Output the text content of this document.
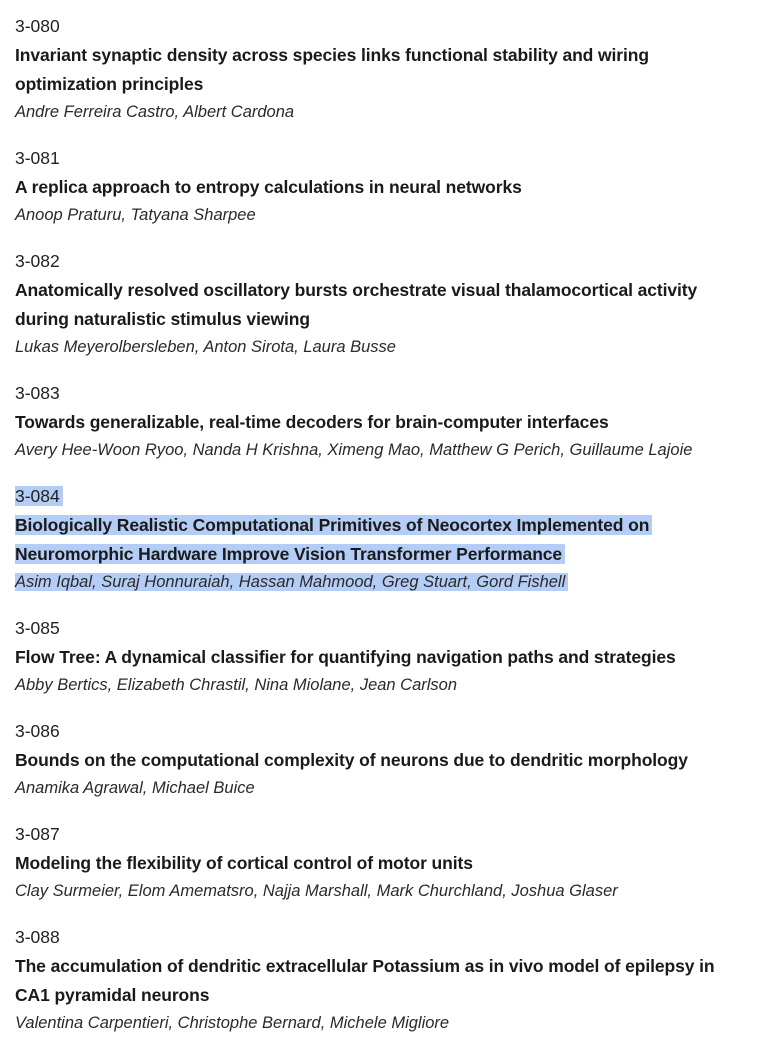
3-080
Invariant synaptic density across species links functional stability and wiring
optimization principles
Andre Ferreira Castro, Albert Cardona
3-081
A replica approach to entropy calculations in neural networks
Anoop Praturu, Tatyana Sharpee
3-082
Anatomically resolved oscillatory bursts orchestrate visual thalamocortical activity
during naturalistic stimulus viewing
Lukas Meyerolbersleben, Anton Sirota, Laura Busse
3-083
Towards generalizable, real-time decoders for brain-computer interfaces
Avery Hee-Woon Ryoo, Nanda H Krishna, Ximeng Mao, Matthew G Perich, Guillaume Lajoie
3-084
Biologically Realistic Computational Primitives of Neocortex Implemented on
Neuromorphic Hardware Improve Vision Transformer Performance
Asim Iqbal, Suraj Honnuraiah, Hassan Mahmood, Greg Stuart, Gord Fishell
3-085
Flow Tree: A dynamical classifier for quantifying navigation paths and strategies
Abby Bertics, Elizabeth Chrastil, Nina Miolane, Jean Carlson
3-086
Bounds on the computational complexity of neurons due to dendritic morphology
Anamika Agrawal, Michael Buice
3-087
Modeling the flexibility of cortical control of motor units
Clay Surmeier, Elom Amematsro, Najja Marshall, Mark Churchland, Joshua Glaser
3-088
The accumulation of dendritic extracellular Potassium as in vivo model of epilepsy in
CA1 pyramidal neurons
Valentina Carpentieri, Christophe Bernard, Michele Migliore
